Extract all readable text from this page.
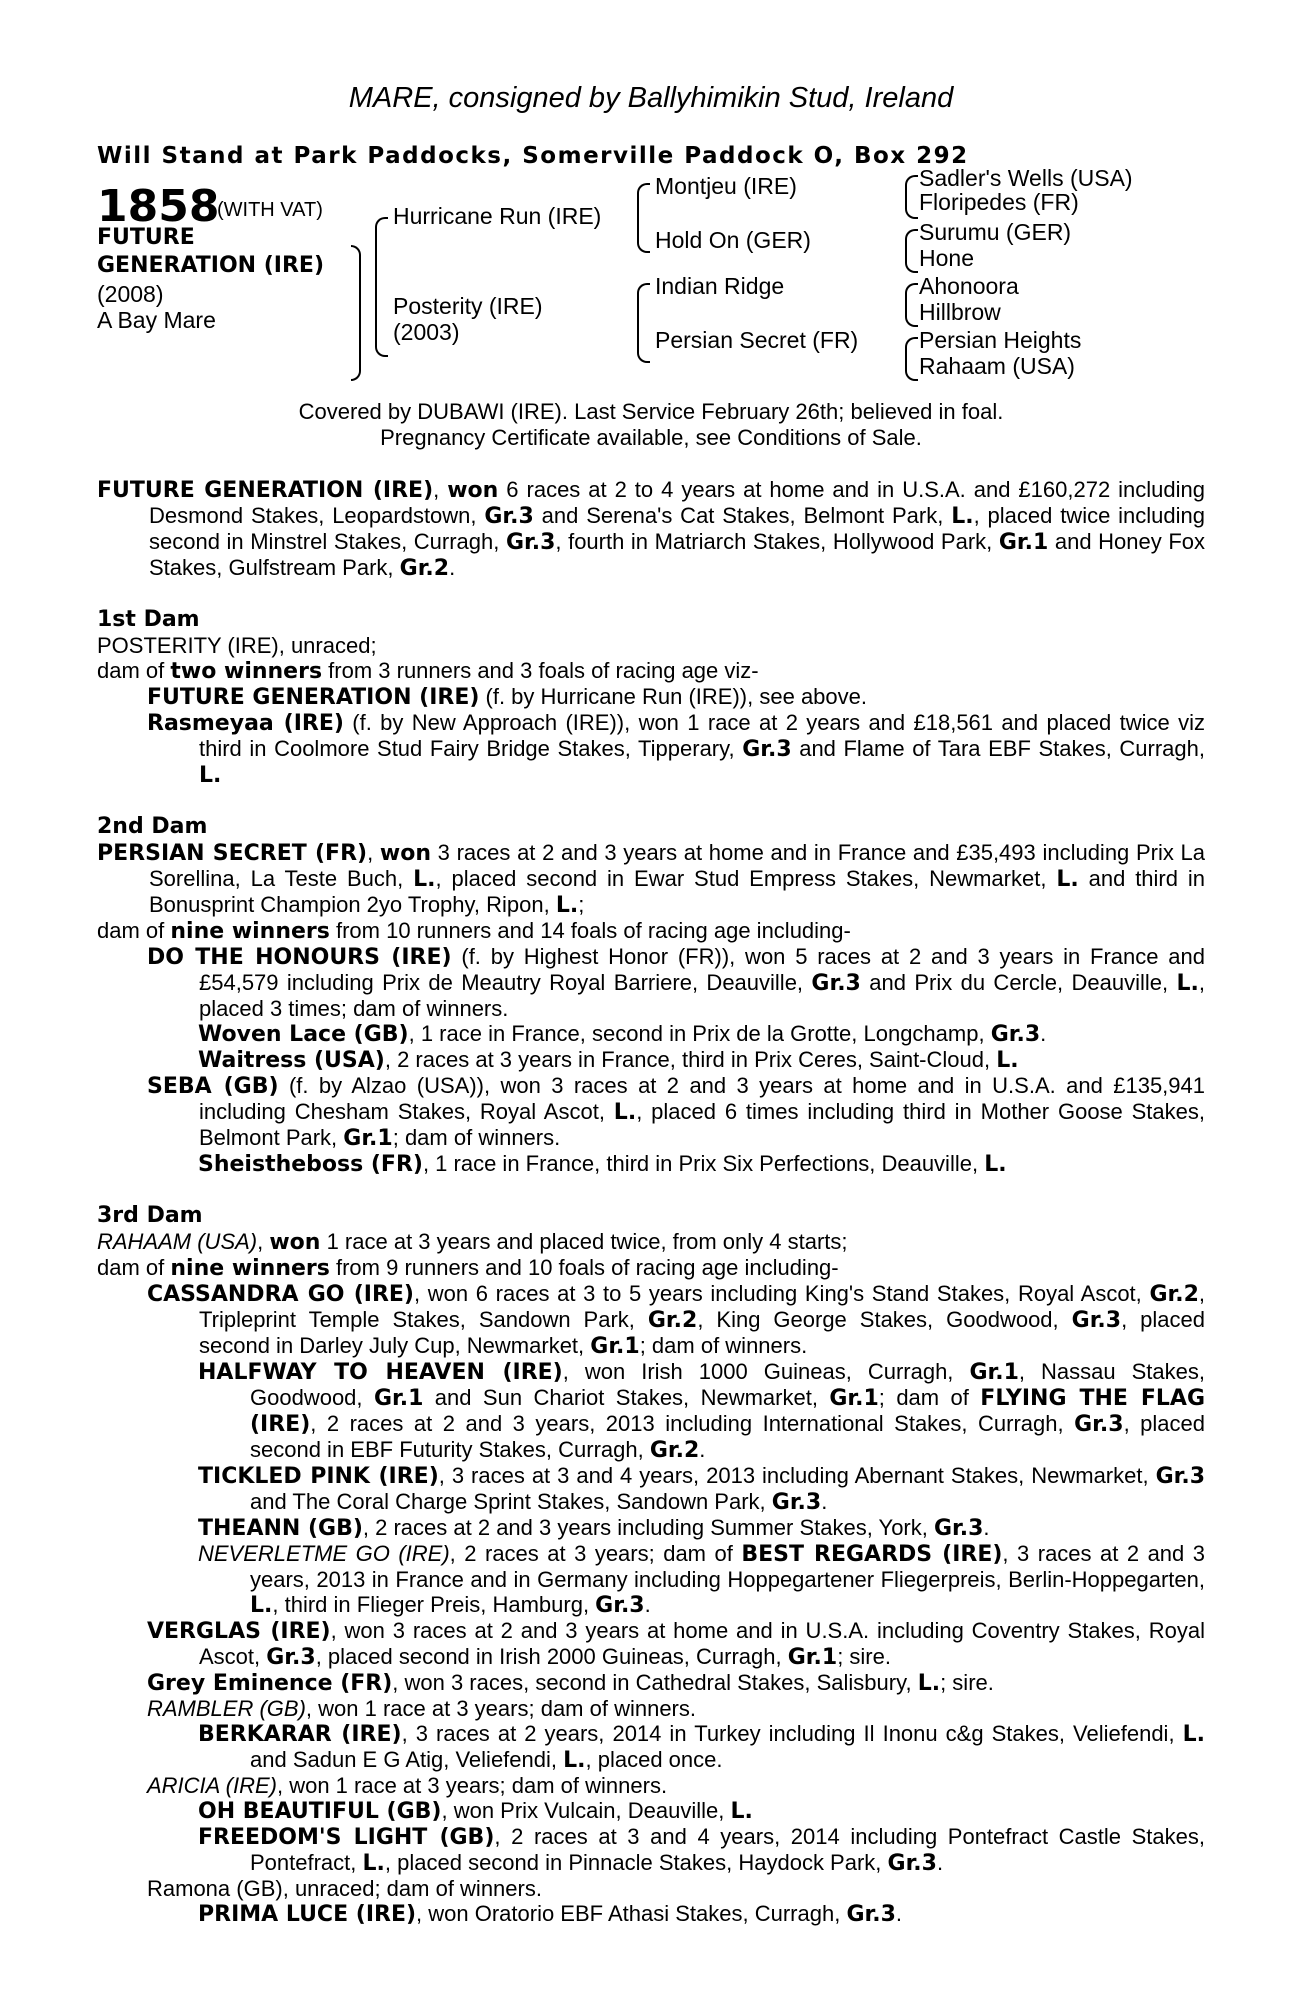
MARE, consigned by Ballyhimikin Stud, Ireland
Will Stand at Park Paddocks, Somerville Paddock O, Box 292
1858
(WITH VAT)
FUTURE
GENERATION (IRE)
(2008)
A Bay Mare
Hurricane Run (IRE)
Posterity (IRE)
(2003)
Montjeu (IRE)
Hold On (GER)
Indian Ridge
Persian Secret (FR)
Sadler's Wells (USA)
Floripedes (FR)
Surumu (GER)
Hone
Ahonoora
Hillbrow
Persian Heights
Rahaam (USA)
Covered by DUBAWI (IRE). Last Service February 26th; believed in foal.
Pregnancy Certificate available, see Conditions of Sale.

FUTURE GENERATION (IRE), won 6 races at 2 to 4 years at home and in U.S.A. and £160,272 including Desmond Stakes, Leopardstown, Gr.3 and Serena's Cat Stakes, Belmont Park, L., placed twice including second in Minstrel Stakes, Curragh, Gr.3, fourth in Matriarch Stakes, Hollywood Park, Gr.1 and Honey Fox Stakes, Gulfstream Park, Gr.2.

1st Dam

POSTERITY (IRE), unraced;

dam of two winners from 3 runners and 3 foals of racing age viz-

FUTURE GENERATION (IRE) (f. by Hurricane Run (IRE)), see above.

Rasmeyaa (IRE) (f. by New Approach (IRE)), won 1 race at 2 years and £18,561 and placed twice viz third in Coolmore Stud Fairy Bridge Stakes, Tipperary, Gr.3 and Flame of Tara EBF Stakes, Curragh, L.

2nd Dam

PERSIAN SECRET (FR), won 3 races at 2 and 3 years at home and in France and £35,493 including Prix La Sorellina, La Teste Buch, L., placed second in Ewar Stud Empress Stakes, Newmarket, L. and third in Bonusprint Champion 2yo Trophy, Ripon, L.;

dam of nine winners from 10 runners and 14 foals of racing age including-

DO THE HONOURS (IRE) (f. by Highest Honor (FR)), won 5 races at 2 and 3 years in France and £54,579 including Prix de Meautry Royal Barriere, Deauville, Gr.3 and Prix du Cercle, Deauville, L., placed 3 times; dam of winners.

Woven Lace (GB), 1 race in France, second in Prix de la Grotte, Longchamp, Gr.3.

Waitress (USA), 2 races at 3 years in France, third in Prix Ceres, Saint-Cloud, L.

SEBA (GB) (f. by Alzao (USA)), won 3 races at 2 and 3 years at home and in U.S.A. and £135,941 including Chesham Stakes, Royal Ascot, L., placed 6 times including third in Mother Goose Stakes, Belmont Park, Gr.1; dam of winners.

Sheistheboss (FR), 1 race in France, third in Prix Six Perfections, Deauville, L.

3rd Dam

RAHAAM (USA), won 1 race at 3 years and placed twice, from only 4 starts;

dam of nine winners from 9 runners and 10 foals of racing age including-

CASSANDRA GO (IRE), won 6 races at 3 to 5 years including King's Stand Stakes, Royal Ascot, Gr.2, Tripleprint Temple Stakes, Sandown Park, Gr.2, King George Stakes, Goodwood, Gr.3, placed second in Darley July Cup, Newmarket, Gr.1; dam of winners.

HALFWAY TO HEAVEN (IRE), won Irish 1000 Guineas, Curragh, Gr.1, Nassau Stakes, Goodwood, Gr.1 and Sun Chariot Stakes, Newmarket, Gr.1; dam of FLYING THE FLAG (IRE), 2 races at 2 and 3 years, 2013 including International Stakes, Curragh, Gr.3, placed second in EBF Futurity Stakes, Curragh, Gr.2.

TICKLED PINK (IRE), 3 races at 3 and 4 years, 2013 including Abernant Stakes, Newmarket, Gr.3 and The Coral Charge Sprint Stakes, Sandown Park, Gr.3.

THEANN (GB), 2 races at 2 and 3 years including Summer Stakes, York, Gr.3.

NEVERLETME GO (IRE), 2 races at 3 years; dam of BEST REGARDS (IRE), 3 races at 2 and 3 years, 2013 in France and in Germany including Hoppegartener Fliegerpreis, Berlin-Hoppegarten, L., third in Flieger Preis, Hamburg, Gr.3.

VERGLAS (IRE), won 3 races at 2 and 3 years at home and in U.S.A. including Coventry Stakes, Royal Ascot, Gr.3, placed second in Irish 2000 Guineas, Curragh, Gr.1; sire.

Grey Eminence (FR), won 3 races, second in Cathedral Stakes, Salisbury, L.; sire.

RAMBLER (GB), won 1 race at 3 years; dam of winners.

BERKARAR (IRE), 3 races at 2 years, 2014 in Turkey including Il Inonu c&g Stakes, Veliefendi, L. and Sadun E G Atig, Veliefendi, L., placed once.

ARICIA (IRE), won 1 race at 3 years; dam of winners.

OH BEAUTIFUL (GB), won Prix Vulcain, Deauville, L.

FREEDOM'S LIGHT (GB), 2 races at 3 and 4 years, 2014 including Pontefract Castle Stakes, Pontefract, L., placed second in Pinnacle Stakes, Haydock Park, Gr.3.

Ramona (GB), unraced; dam of winners.

PRIMA LUCE (IRE), won Oratorio EBF Athasi Stakes, Curragh, Gr.3.
